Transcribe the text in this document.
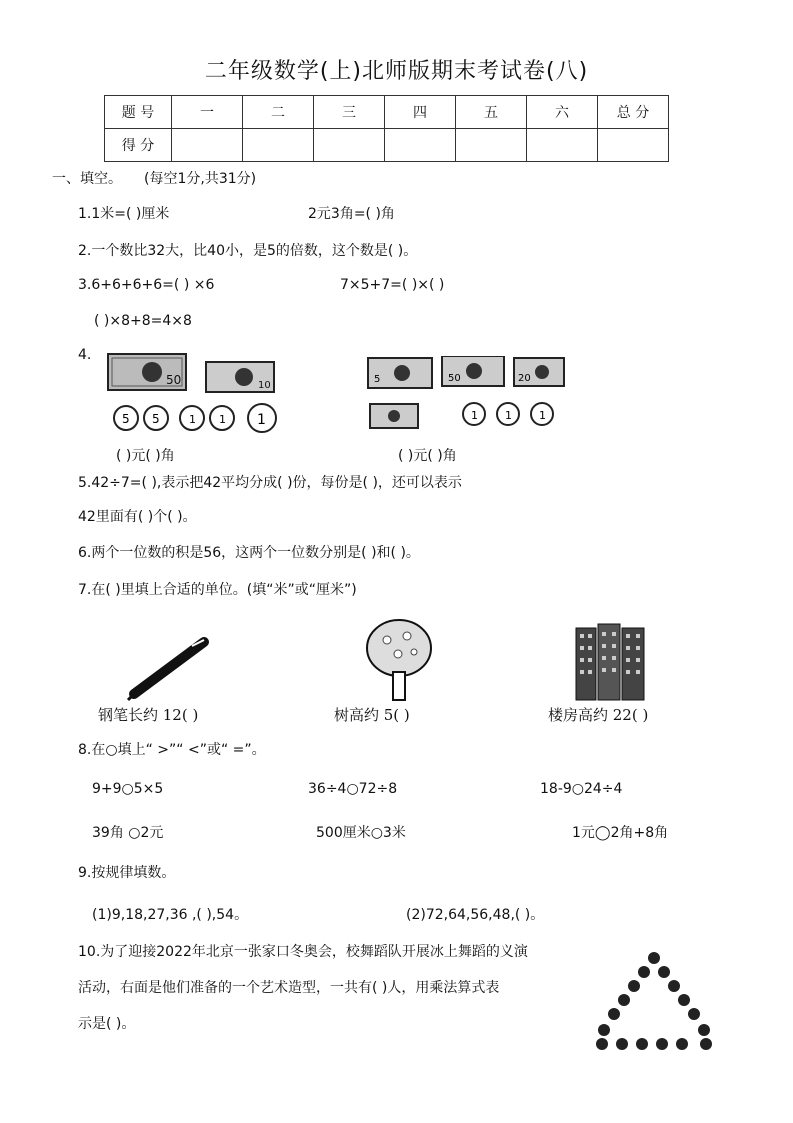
二年级数学(上)北师版期末考试卷(八)
题 号	一	二	三	四	五	六	总 分
得 分							
一、填空。 (每空1分,共31分)
1.1米=( )厘米	2元3角=( )角
2.一个数比32大，比40小，是5的倍数，这个数是( )。
3.6+6+6+6=( ) ×6	7×5+7=( )×( )
( )×8+8=4×8
4.
50	10
5 5	1 1 1
5	50	20
1 1 1
( )元( )角	( )元( )角
5.42÷7=( ),表示把42平均分成( )份，每份是( )，还可以表示
42里面有( )个( )。
6.两个一位数的积是56，这两个一位数分别是( )和( )。
7.在( )里填上合适的单位。(填“米”或“厘米”)
钢笔长约 12( )	树高约 5( )	楼房高约 22( )
8.在○填上“ >”“ <”或“ =”。
9+9○5×5	36÷4○72÷8	18-9○24÷4
39角 ○2元	500厘米○3米	1元◯2角+8角
9.按规律填数。
(1)9,18,27,36 ,( ),54。	(2)72,64,56,48,( )。
10.为了迎接2022年北京一张家口冬奥会，校舞蹈队开展冰上舞蹈的义演
活动，右面是他们准备的一个艺术造型，一共有( )人，用乘法算式表
示是( )。
